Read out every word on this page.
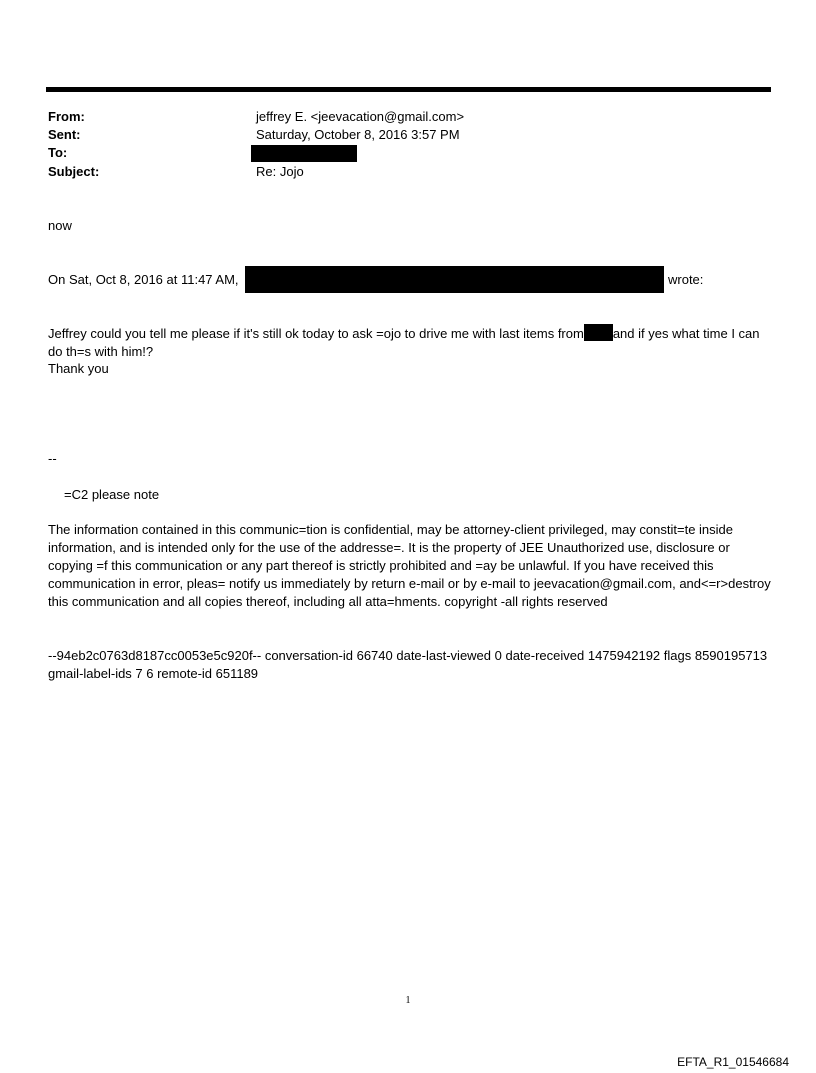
From:	jeffrey E. <jeevacation@gmail.com>
Sent:	Saturday, October 8, 2016 3:57 PM
To:
Subject:	Re: Jojo
now
On Sat, Oct 8, 2016 at 11:47 AM,	wrote:
Jeffrey could you tell me please if it's still ok today to ask =ojo to drive me with last items from and if yes what time I can do th=s with him!?
Thank you
--
=C2 please note
The information contained in this communic=tion is confidential, may be attorney-client privileged, may constit=te inside information, and is intended only for the use of the addresse=. It is the property of JEE Unauthorized use, disclosure or copying =f this communication or any part thereof is strictly prohibited and =ay be unlawful. If you have received this communication in error, pleas= notify us immediately by return e-mail or by e-mail to jeevacation@gmail.com, and<=r>destroy this communication and all copies thereof, including all atta=hments. copyright -all rights reserved
--94eb2c0763d8187cc0053e5c920f-- conversation-id 66740 date-last-viewed 0 date-received 1475942192 flags 8590195713 gmail-label-ids 7 6 remote-id 651189
1
EFTA_R1_01546684
